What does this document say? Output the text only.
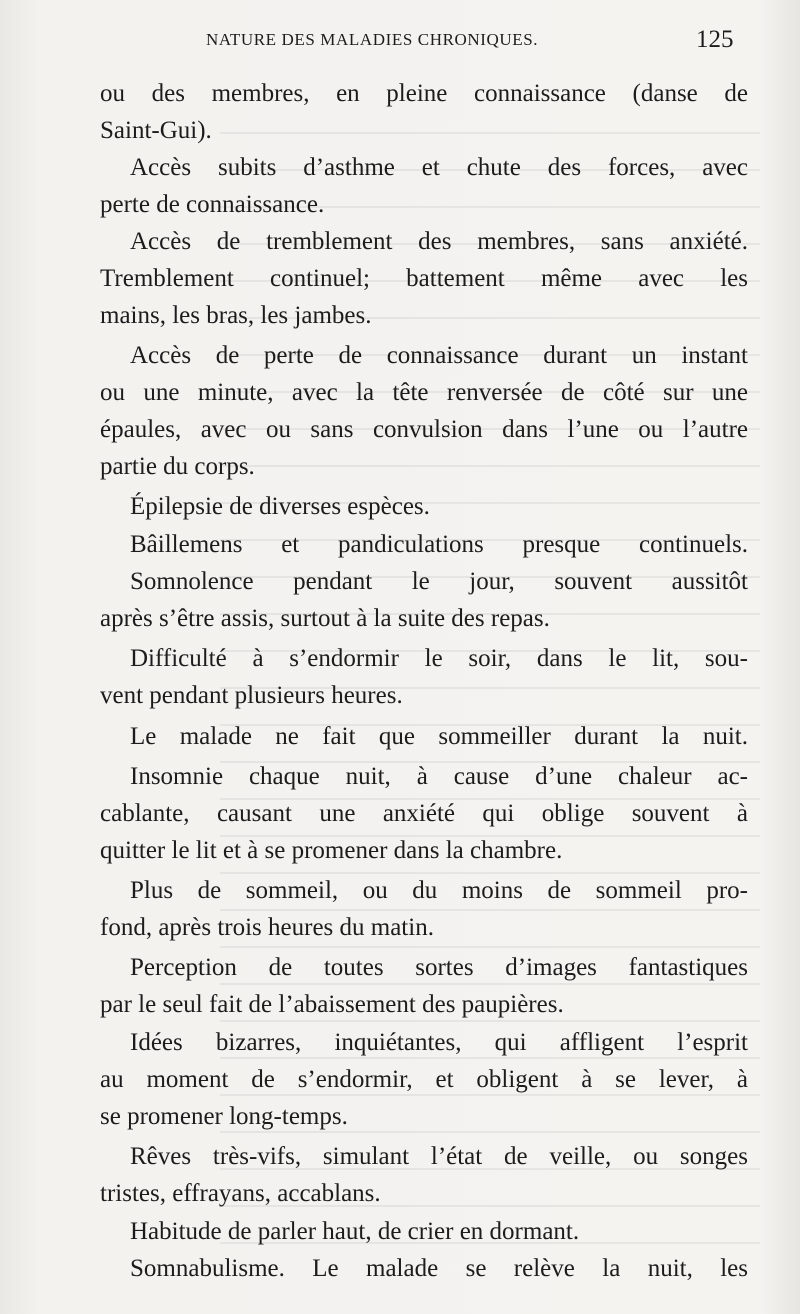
NATURE DES MALADIES CHRONIQUES.	125
ou des membres, en pleine connaissance (danse de
Saint-Gui).
Accès subits d’asthme et chute des forces, avec
perte de connaissance.
Accès de tremblement des membres, sans anxiété.
Tremblement continuel; battement même avec les
mains, les bras, les jambes.
Accès de perte de connaissance durant un instant
ou une minute, avec la tête renversée de côté sur une
épaules, avec ou sans convulsion dans l’une ou l’autre
partie du corps.
Épilepsie de diverses espèces.
Bâillemens et pandiculations presque continuels.
Somnolence pendant le jour, souvent aussitôt
après s’être assis, surtout à la suite des repas.
Difficulté à s’endormir le soir, dans le lit, sou-
vent pendant plusieurs heures.
Le malade ne fait que sommeiller durant la nuit.
Insomnie chaque nuit, à cause d’une chaleur ac-
cablante, causant une anxiété qui oblige souvent à
quitter le lit et à se promener dans la chambre.
Plus de sommeil, ou du moins de sommeil pro-
fond, après trois heures du matin.
Perception de toutes sortes d’images fantastiques
par le seul fait de l’abaissement des paupières.
Idées bizarres, inquiétantes, qui affligent l’esprit
au moment de s’endormir, et obligent à se lever, à
se promener long-temps.
Rêves très-vifs, simulant l’état de veille, ou songes
tristes, effrayans, accablans.
Habitude de parler haut, de crier en dormant.
Somnabulisme. Le malade se relève la nuit, les
